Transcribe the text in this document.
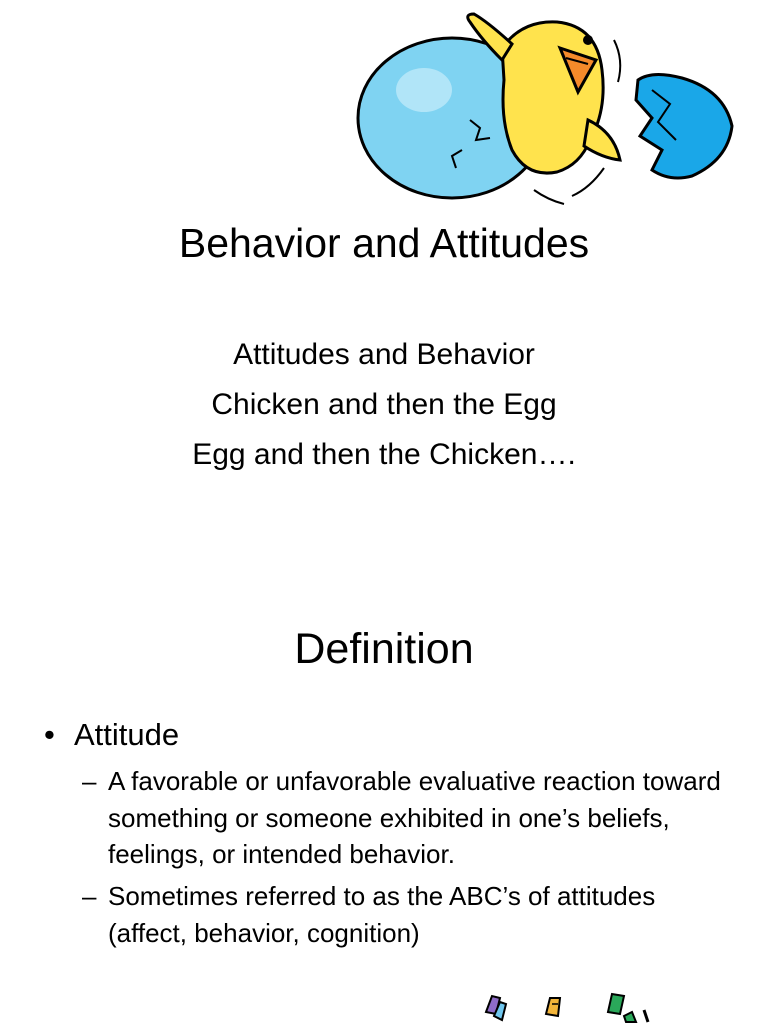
Behavior and Attitudes
Attitudes and Behavior
Chicken and then the Egg
Egg and then the Chicken….
Definition
• Attitude
– A favorable or unfavorable evaluative reaction toward something or someone exhibited in one’s beliefs, feelings, or intended behavior.
– Sometimes referred to as the ABC’s of attitudes (affect, behavior, cognition)
